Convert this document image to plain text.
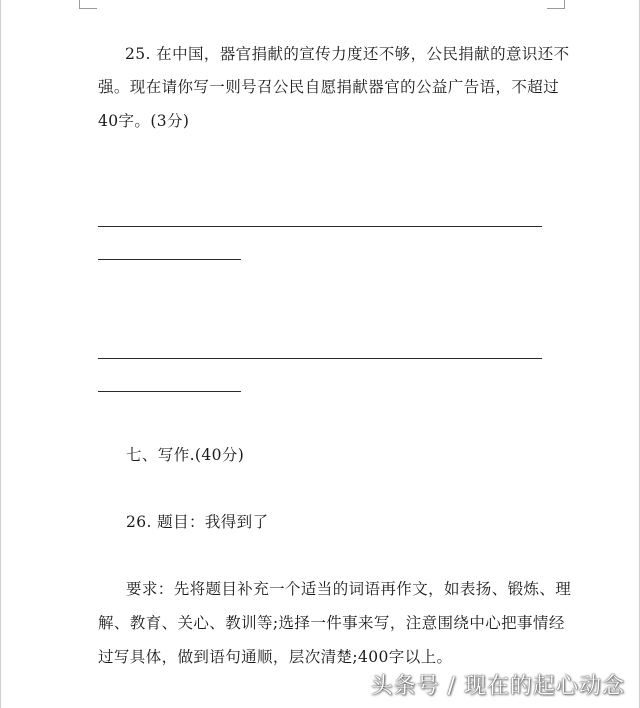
25. 在中国，器官捐献的宣传力度还不够，公民捐献的意识还不
强。现在请你写一则号召公民自愿捐献器官的公益广告语，不超过
40字。(3分)
七、写作.(40分)
26. 题目：我得到了
要求：先将题目补充一个适当的词语再作文，如表扬、锻炼、理
解、教育、关心、教训等;选择一件事来写，注意围绕中心把事情经
过写具体，做到语句通顺，层次清楚;400字以上。
头条号 / 现在的起心动念
